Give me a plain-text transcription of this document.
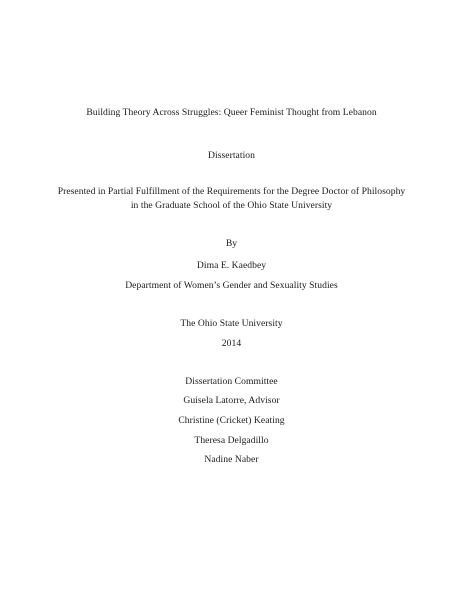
Building Theory Across Struggles: Queer Feminist Thought from Lebanon
Dissertation
Presented in Partial Fulfillment of the Requirements for the Degree Doctor of Philosophy
in the Graduate School of the Ohio State University
By
Dima E. Kaedbey
Department of Women’s Gender and Sexuality Studies
The Ohio State University
2014
Dissertation Committee
Guisela Latorre, Advisor
Christine (Cricket) Keating
Theresa Delgadillo
Nadine Naber
